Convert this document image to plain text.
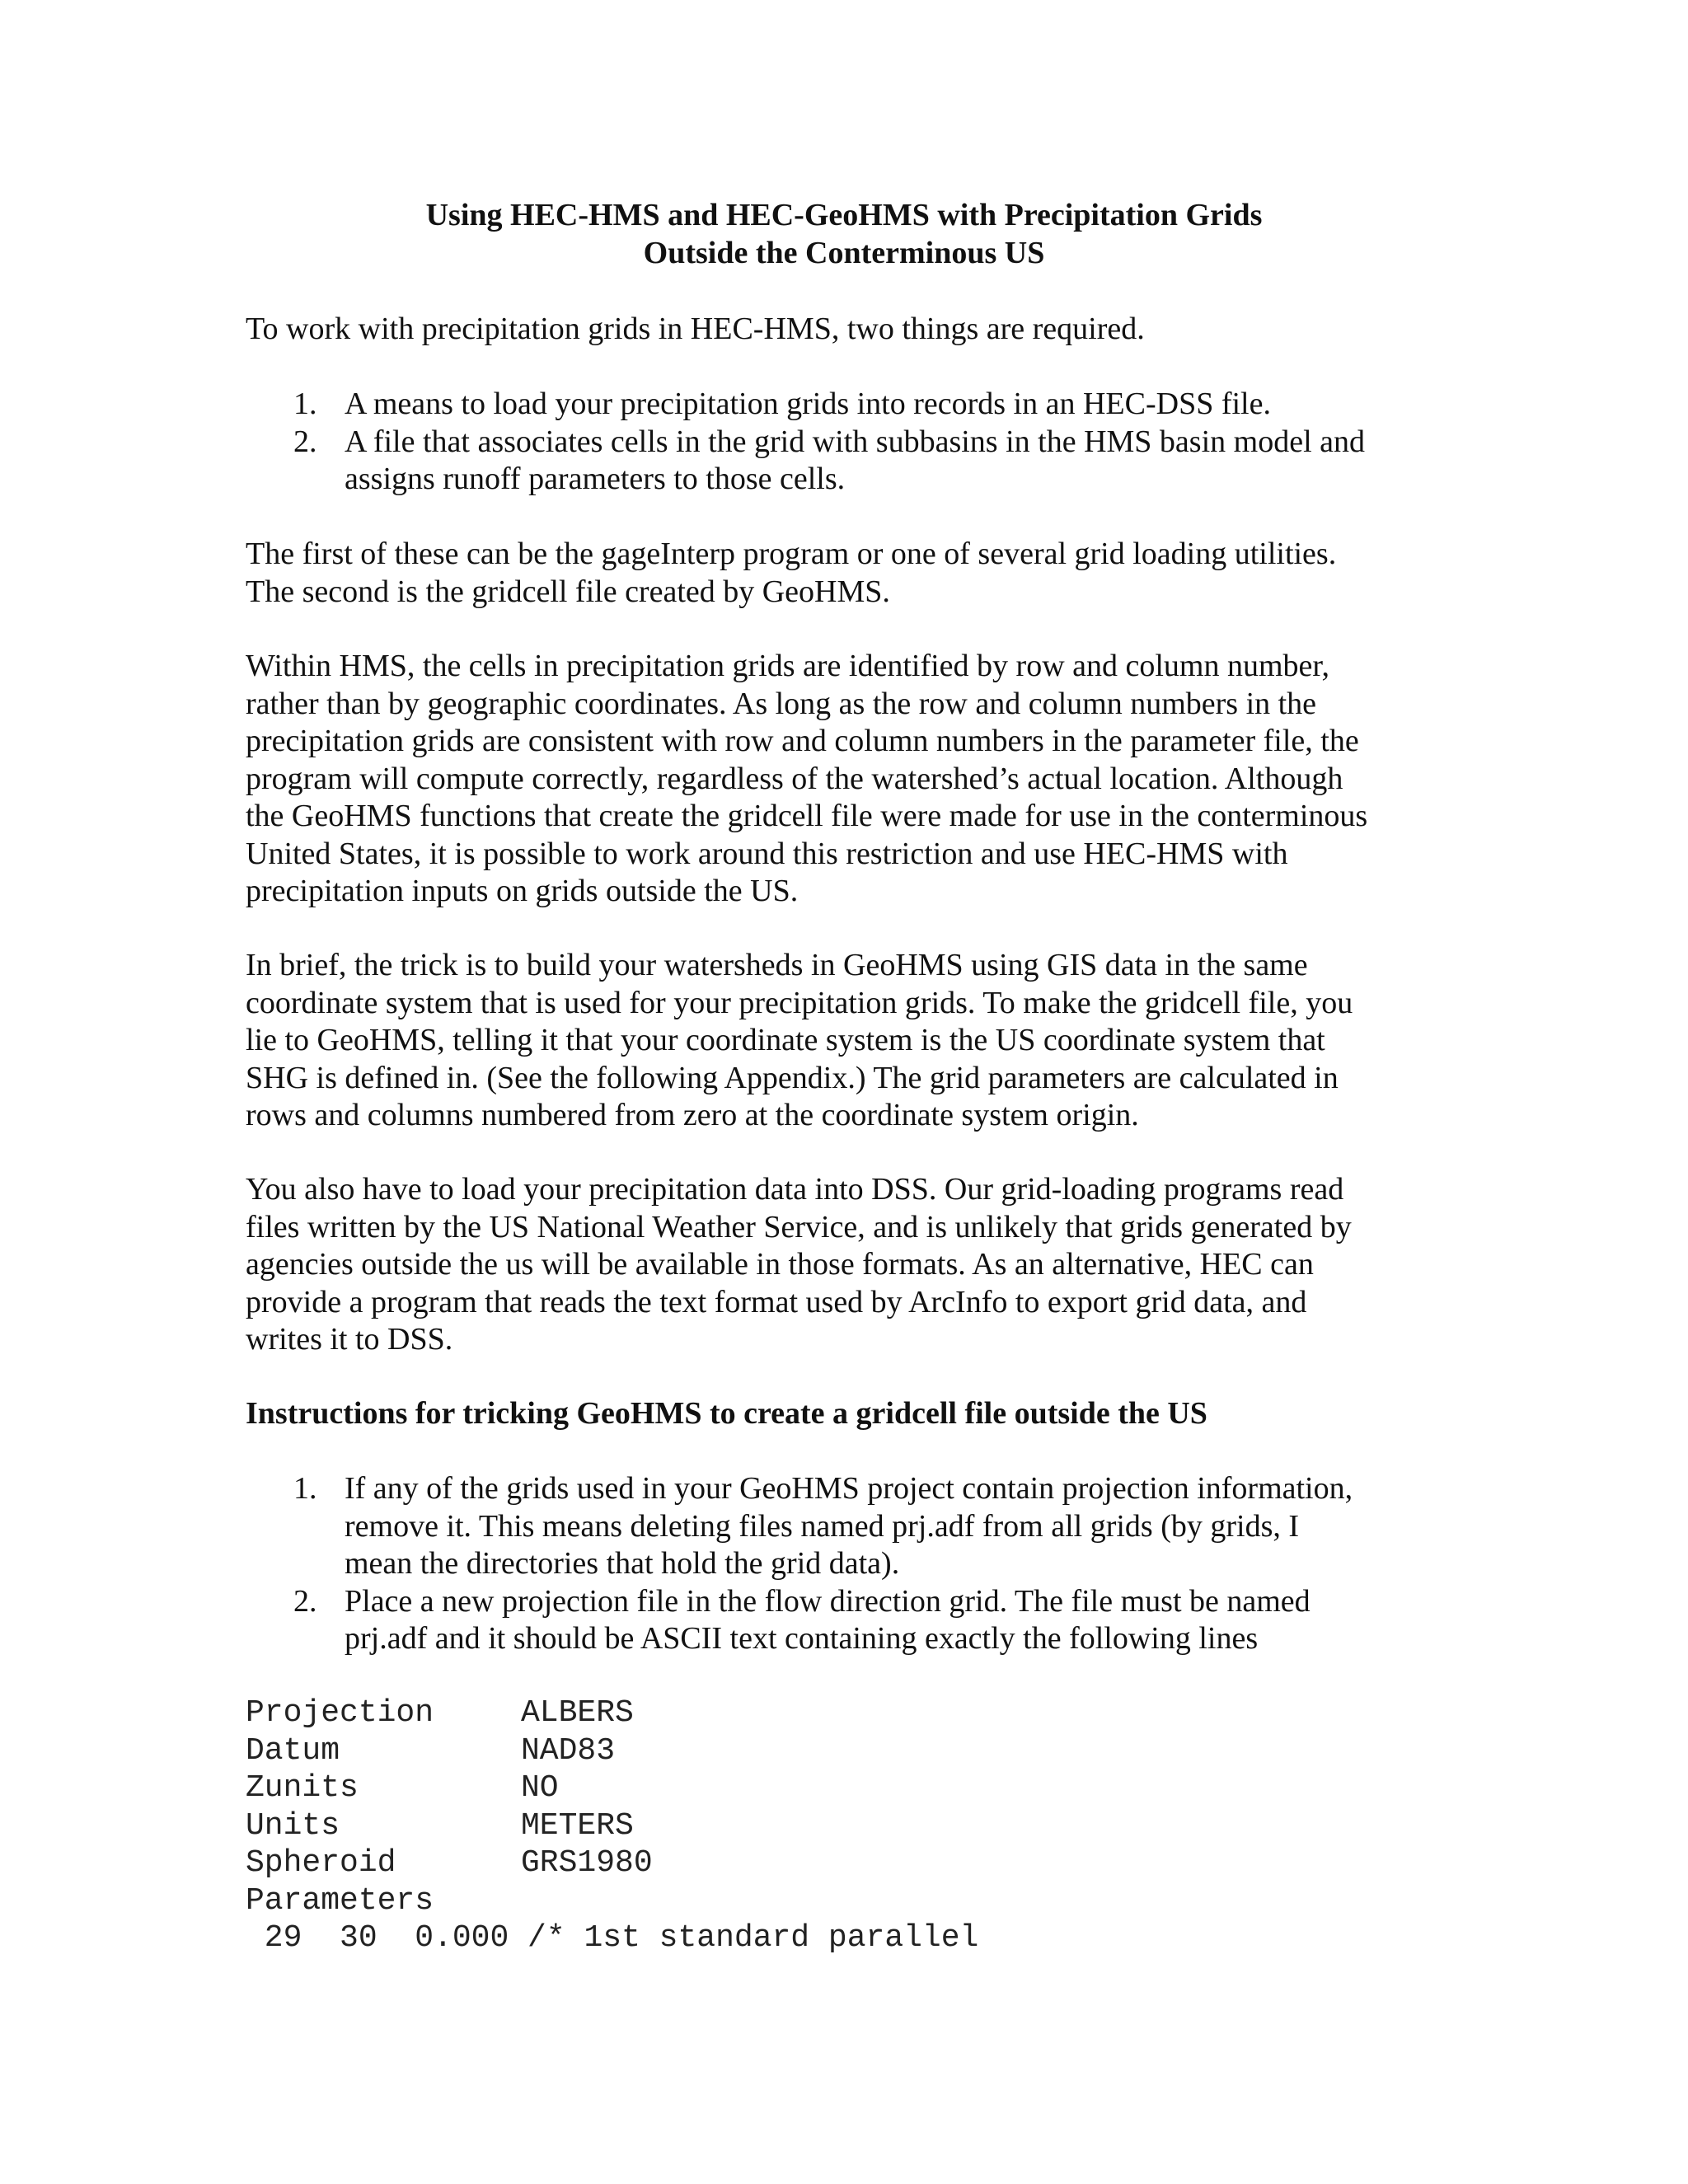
Using HEC-HMS and HEC-GeoHMS with Precipitation Grids
Outside the Conterminous US
To work with precipitation grids in HEC-HMS, two things are required.
1. A means to load your precipitation grids into records in an HEC-DSS file.
2. A file that associates cells in the grid with subbasins in the HMS basin model and
assigns runoff parameters to those cells.
The first of these can be the gageInterp program or one of several grid loading utilities.
The second is the gridcell file created by GeoHMS.
Within HMS, the cells in precipitation grids are identified by row and column number,
rather than by geographic coordinates. As long as the row and column numbers in the
precipitation grids are consistent with row and column numbers in the parameter file, the
program will compute correctly, regardless of the watershed’s actual location. Although
the GeoHMS functions that create the gridcell file were made for use in the conterminous
United States, it is possible to work around this restriction and use HEC-HMS with
precipitation inputs on grids outside the US.
In brief, the trick is to build your watersheds in GeoHMS using GIS data in the same
coordinate system that is used for your precipitation grids. To make the gridcell file, you
lie to GeoHMS, telling it that your coordinate system is the US coordinate system that
SHG is defined in. (See the following Appendix.) The grid parameters are calculated in
rows and columns numbered from zero at the coordinate system origin.
You also have to load your precipitation data into DSS. Our grid-loading programs read
files written by the US National Weather Service, and is unlikely that grids generated by
agencies outside the us will be available in those formats. As an alternative, HEC can
provide a program that reads the text format used by ArcInfo to export grid data, and
writes it to DSS.
Instructions for tricking GeoHMS to create a gridcell file outside the US
1. If any of the grids used in your GeoHMS project contain projection information,
remove it. This means deleting files named prj.adf from all grids (by grids, I
mean the directories that hold the grid data).
2. Place a new projection file in the flow direction grid. The file must be named
prj.adf and it should be ASCII text containing exactly the following lines
Projection	ALBERS
Datum	NAD83
Zunits	NO
Units	METERS
Spheroid	GRS1980
Parameters
29  30  0.000 /* 1st standard parallel
